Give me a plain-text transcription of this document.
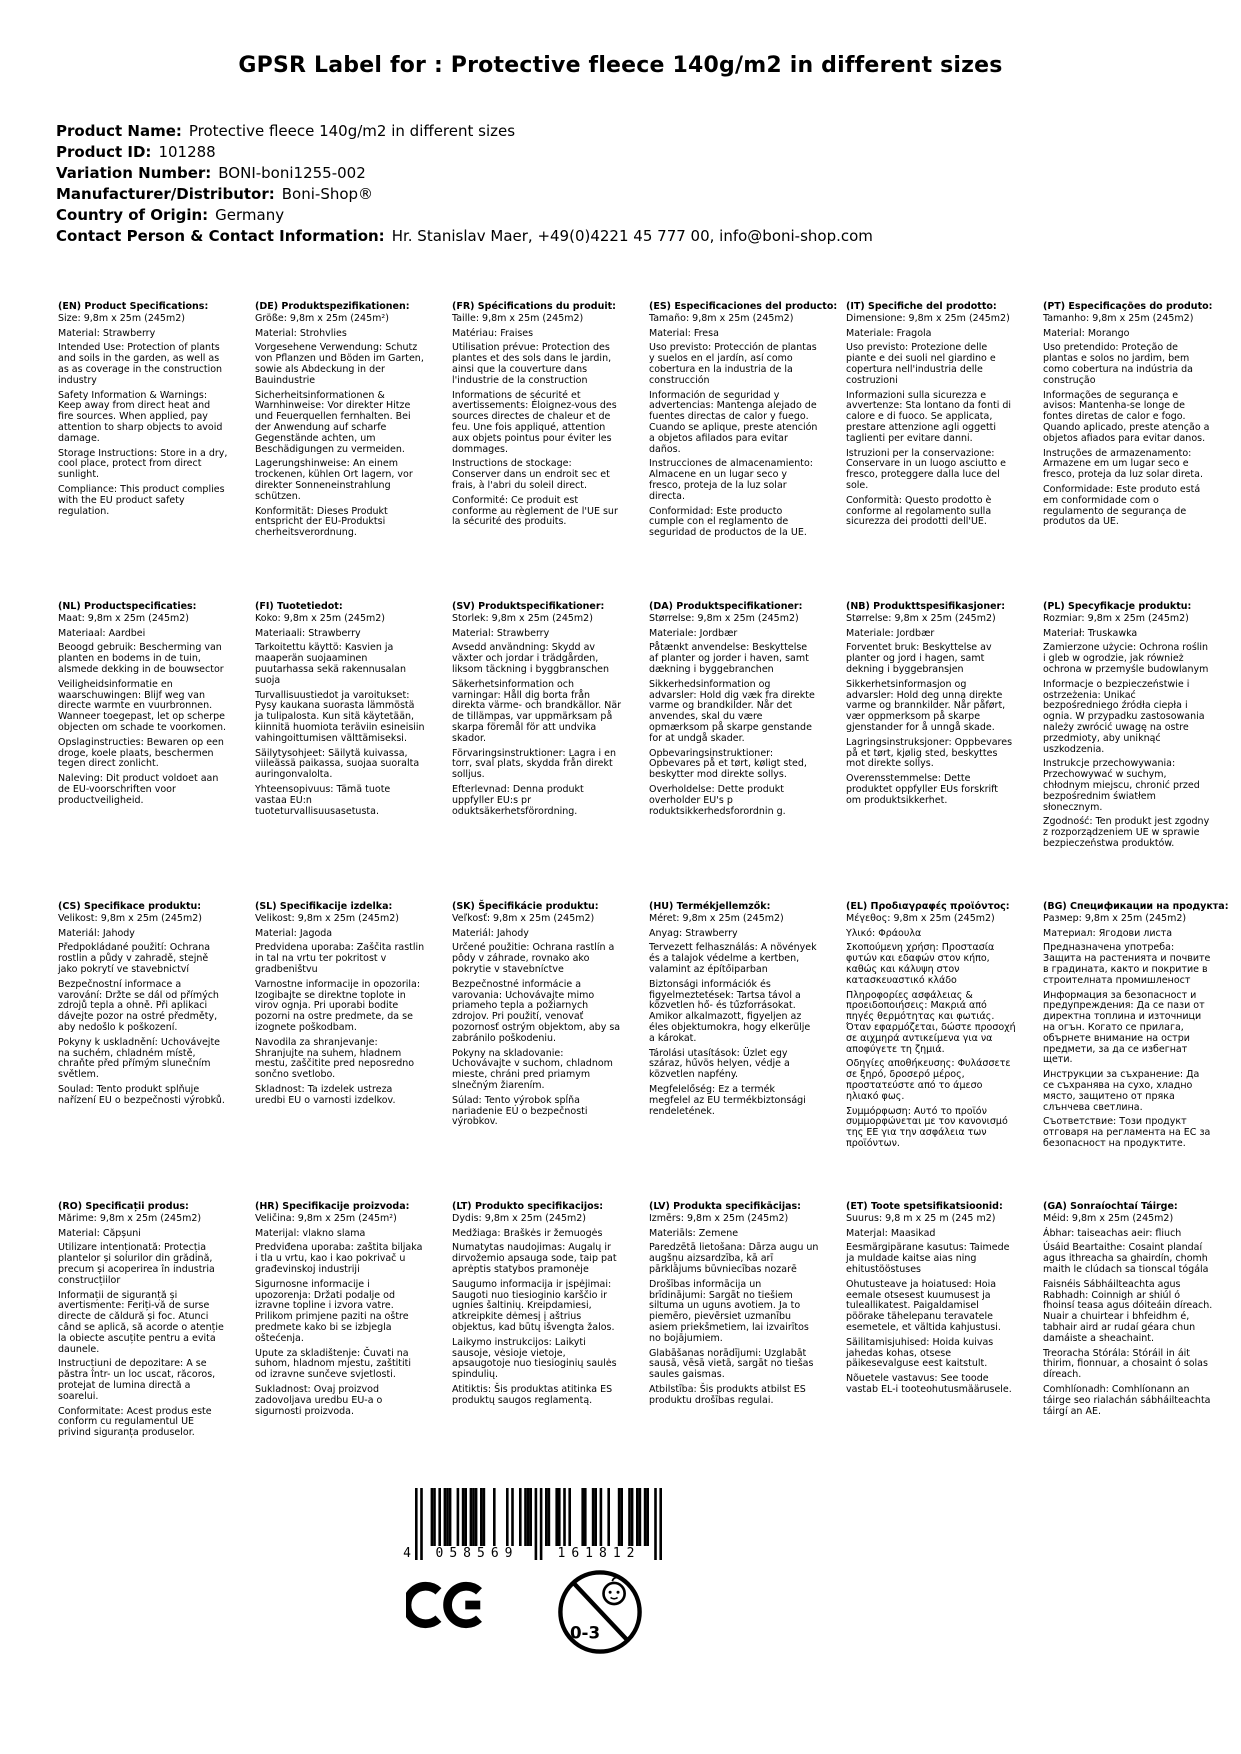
GPSR Label for : Protective fleece 140g/m2 in different sizes
Product Name: Protective fleece 140g/m2 in different sizes
Product ID: 101288
Variation Number: BONI-boni1255-002
Manufacturer/Distributor: Boni-Shop®
Country of Origin: Germany
Contact Person & Contact Information: Hr. Stanislav Maer, +49(0)4221 45 777 00, info@boni-shop.com
(EN) Product Specifications:

Size: 9,8m x 25m (245m2)

Material: Strawberry

Intended Use: Protection of plants and soils in the garden, as well as as as coverage in the construction industry

Safety Information & Warnings: Keep away from direct heat and fire sources. When applied, pay attention to sharp objects to avoid damage.

Storage Instructions: Store in a dry, cool place, protect from direct sunlight.

Compliance: This product complies with the EU product safety regulation.

(DE) Produktspezifikationen:

Größe: 9,8m x 25m (245m²)

Material: Strohvlies

Vorgesehene Verwendung: Schutz von Pflanzen und Böden im Garten, sowie als Abdeckung in der Bauindustrie

Sicherheitsinformationen & Warnhinweise: Vor direkter Hitze und Feuerquellen fernhalten. Bei der Anwendung auf scharfe Gegenstände achten, um Beschädigungen zu vermeiden.

Lagerungshinweise: An einem trockenen, kühlen Ort lagern, vor direkter Sonneneinstrahlung schützen.

Konformität: Dieses Produkt entspricht der EU-Produktsi cherheitsverordnung.

(FR) Spécifications du produit:

Taille: 9,8m x 25m (245m2)

Matériau: Fraises

Utilisation prévue: Protection des plantes et des sols dans le jardin, ainsi que la couverture dans l'industrie de la construction

Informations de sécurité et avertissements: Éloignez-vous des sources directes de chaleur et de feu. Une fois appliqué, attention aux objets pointus pour éviter les dommages.

Instructions de stockage: Conserver dans un endroit sec et frais, à l'abri du soleil direct.

Conformité: Ce produit est conforme au règlement de l'UE sur la sécurité des produits.

(ES) Especificaciones del producto:

Tamaño: 9,8m x 25m (245m2)

Material: Fresa

Uso previsto: Protección de plantas y suelos en el jardín, así como cobertura en la industria de la construcción

Información de seguridad y advertencias: Mantenga alejado de fuentes directas de calor y fuego. Cuando se aplique, preste atención a objetos afilados para evitar daños.

Instrucciones de almacenamiento: Almacene en un lugar seco y fresco, proteja de la luz solar directa.

Conformidad: Este producto cumple con el reglamento de seguridad de productos de la UE.

(IT) Specifiche del prodotto:

Dimensione: 9,8m x 25m (245m2)

Materiale: Fragola

Uso previsto: Protezione delle piante e dei suoli nel giardino e copertura nell'industria delle costruzioni

Informazioni sulla sicurezza e avvertenze: Sta lontano da fonti di calore e di fuoco. Se applicata, prestare attenzione agli oggetti taglienti per evitare danni.

Istruzioni per la conservazione: Conservare in un luogo asciutto e fresco, proteggere dalla luce del sole.

Conformità: Questo prodotto è conforme al regolamento sulla sicurezza dei prodotti dell'UE.

(PT) Especificações do produto:

Tamanho: 9,8m x 25m (245m2)

Material: Morango

Uso pretendido: Proteção de plantas e solos no jardim, bem como cobertura na indústria da construção

Informações de segurança e avisos: Mantenha-se longe de fontes diretas de calor e fogo. Quando aplicado, preste atenção a objetos afiados para evitar danos.

Instruções de armazenamento: Armazene em um lugar seco e fresco, proteja da luz solar direta.

Conformidade: Este produto está em conformidade com o regulamento de segurança de produtos da UE.

(NL) Productspecificaties:

Maat: 9,8m x 25m (245m2)

Materiaal: Aardbei

Beoogd gebruik: Bescherming van planten en bodems in de tuin, alsmede dekking in de bouwsector

Veiligheidsinformatie en waarschuwingen: Blijf weg van directe warmte en vuurbronnen. Wanneer toegepast, let op scherpe objecten om schade te voorkomen.

Opslaginstructies: Bewaren op een droge, koele plaats, beschermen tegen direct zonlicht.

Naleving: Dit product voldoet aan de EU-voorschriften voor productveiligheid.

(FI) Tuotetiedot:

Koko: 9,8m x 25m (245m2)

Materiaali: Strawberry

Tarkoitettu käyttö: Kasvien ja maaperän suojaaminen puutarhassa sekä rakennusalan suoja

Turvallisuustiedot ja varoitukset: Pysy kaukana suorasta lämmöstä ja tulipalosta. Kun sitä käytetään, kiinnitä huomiota teräviin esineisiin vahingoittumisen välttämiseksi.

Säilytysohjeet: Säilytä kuivassa, viileässä paikassa, suojaa suoralta auringonvalolta.

Yhteensopivuus: Tämä tuote vastaa EU:n tuoteturvallisuusasetusta.

(SV) Produktspecifikationer:

Storlek: 9,8m x 25m (245m2)

Material: Strawberry

Avsedd användning: Skydd av växter och jordar i trädgården, liksom täckning i byggbranschen

Säkerhetsinformation och varningar: Håll dig borta från direkta värme- och brandkällor. När de tillämpas, var uppmärksam på skarpa föremål för att undvika skador.

Förvaringsinstruktioner: Lagra i en torr, sval plats, skydda från direkt solljus.

Efterlevnad: Denna produkt uppfyller EU:s pr oduktsäkerhetsförordning.

(DA) Produktspecifikationer:

Størrelse: 9,8m x 25m (245m2)

Materiale: Jordbær

Påtænkt anvendelse: Beskyttelse af planter og jorder i haven, samt dækning i byggebranchen

Sikkerhedsinformation og advarsler: Hold dig væk fra direkte varme og brandkilder. Når det anvendes, skal du være opmærksom på skarpe genstande for at undgå skader.

Opbevaringsinstruktioner: Opbevares på et tørt, køligt sted, beskytter mod direkte sollys.

Overholdelse: Dette produkt overholder EU's p roduktsikkerhedsforordnin g.

(NB) Produkttspesifikasjoner:

Størrelse: 9,8m x 25m (245m2)

Materiale: Jordbær

Forventet bruk: Beskyttelse av planter og jord i hagen, samt dekning i byggebransjen

Sikkerhetsinformasjon og advarsler: Hold deg unna direkte varme og brannkilder. Når påført, vær oppmerksom på skarpe gjenstander for å unngå skade.

Lagringsinstruksjoner: Oppbevares på et tørt, kjølig sted, beskyttes mot direkte sollys.

Overensstemmelse: Dette produktet oppfyller EUs forskrift om produktsikkerhet.

(PL) Specyfikacje produktu:

Rozmiar: 9,8m x 25m (245m2)

Materiał: Truskawka

Zamierzone użycie: Ochrona roślin i gleb w ogrodzie, jak również ochrona w przemyśle budowlanym

Informacje o bezpieczeństwie i ostrzeżenia: Unikać bezpośredniego źródła ciepła i ognia. W przypadku zastosowania należy zwrócić uwagę na ostre przedmioty, aby uniknąć uszkodzenia.

Instrukcje przechowywania: Przechowywać w suchym, chłodnym miejscu, chronić przed bezpośrednim światłem słonecznym.

Zgodność: Ten produkt jest zgodny z rozporządzeniem UE w sprawie bezpieczeństwa produktów.

(CS) Specifikace produktu:

Velikost: 9,8m x 25m (245m2)

Materiál: Jahody

Předpokládané použití: Ochrana rostlin a půdy v zahradě, stejně jako pokrytí ve stavebnictví

Bezpečnostní informace a varování: Držte se dál od přímých zdrojů tepla a ohně. Při aplikaci dávejte pozor na ostré předměty, aby nedošlo k poškození.

Pokyny k uskladnění: Uchovávejte na suchém, chladném místě, chraňte před přímým slunečním světlem.

Soulad: Tento produkt splňuje nařízení EU o bezpečnosti výrobků.

(SL) Specifikacije izdelka:

Velikost: 9,8m x 25m (245m2)

Material: Jagoda

Predvidena uporaba: Zaščita rastlin in tal na vrtu ter pokritost v gradbeništvu

Varnostne informacije in opozorila: Izogibajte se direktne toplote in virov ognja. Pri uporabi bodite pozorni na ostre predmete, da se izognete poškodbam.

Navodila za shranjevanje: Shranjujte na suhem, hladnem mestu, zaščitite pred neposredno sončno svetlobo.

Skladnost: Ta izdelek ustreza uredbi EU o varnosti izdelkov.

(SK) Špecifikácie produktu:

Veľkosť: 9,8m x 25m (245m2)

Materiál: Jahody

Určené použitie: Ochrana rastlín a pôdy v záhrade, rovnako ako pokrytie v stavebníctve

Bezpečnostné informácie a varovania: Uchovávajte mimo priameho tepla a požiarnych zdrojov. Pri použití, venovať pozornosť ostrým objektom, aby sa zabránilo poškodeniu.

Pokyny na skladovanie: Uchovávajte v suchom, chladnom mieste, chráni pred priamym slnečným žiarením.

Súlad: Tento výrobok spĺňa nariadenie EÚ o bezpečnosti výrobkov.

(HU) Termékjellemzők:

Méret: 9,8m x 25m (245m2)

Anyag: Strawberry

Tervezett felhasználás: A növények és a talajok védelme a kertben, valamint az építőiparban

Biztonsági információk és figyelmeztetések: Tartsa távol a közvetlen hő- és tűzforrásokat. Amikor alkalmazott, figyeljen az éles objektumokra, hogy elkerülje a károkat.

Tárolási utasítások: Üzlet egy száraz, hűvös helyen, védje a közvetlen napfény.

Megfelelőség: Ez a termék megfelel az EU termékbiztonsági rendeletének.

(EL) Προδιαγραφές προϊόντος:

Μέγεθος: 9,8m x 25m (245m2)

Υλικό: Φράουλα

Σκοπούμενη χρήση: Προστασία φυτών και εδαφών στον κήπο, καθώς και κάλυψη στον κατασκευαστικό κλάδο

Πληροφορίες ασφάλειας & προειδοποιήσεις: Μακριά από πηγές θερμότητας και φωτιάς. Όταν εφαρμόζεται, δώστε προσοχή σε αιχμηρά αντικείμενα για να αποφύγετε τη ζημιά.

Οδηγίες αποθήκευσης: Φυλάσσετε σε ξηρό, δροσερό μέρος, προστατεύστε από το άμεσο ηλιακό φως.

Συμμόρφωση: Αυτό το προϊόν συμμορφώνεται με τον κανονισμό της ΕΕ για την ασφάλεια των προϊόντων.

(BG) Спецификации на продукта:

Размер: 9,8m x 25m (245m2)

Материал: Ягодови листа

Предназначена употреба: Защита на растенията и почвите в градината, както и покритие в строителната промишленост

Информация за безопасност и предупреждения: Да се пази от директна топлина и източници на огън. Когато се прилага, обърнете внимание на остри предмети, за да се избегнат щети.

Инструкции за съхранение: Да се съхранява на сухо, хладно място, защитено от пряка слънчева светлина.

Съответствие: Този продукт отговаря на регламента на ЕС за безопасност на продуктите.

(RO) Specificații produs:

Mărime: 9,8m x 25m (245m2)

Material: Căpșuni

Utilizare intenționată: Protecția plantelor și solurilor din grădină, precum și acoperirea în industria construcțiilor

Informații de siguranță și avertismente: Feriți-vă de surse directe de căldură și foc. Atunci când se aplică, să acorde o atenție la obiecte ascuțite pentru a evita daunele.

Instrucțiuni de depozitare: A se păstra într- un loc uscat, răcoros, protejat de lumina directă a soarelui.

Conformitate: Acest produs este conform cu regulamentul UE privind siguranța produselor.

(HR) Specifikacije proizvoda:

Veličina: 9,8m x 25m (245m²)

Materijal: vlakno slama

Predviđena uporaba: zaštita biljaka i tla u vrtu, kao i kao pokrivač u građevinskoj industriji

Sigurnosne informacije i upozorenja: Držati podalje od izravne topline i izvora vatre. Prilikom primjene paziti na oštre predmete kako bi se izbjegla oštećenja.

Upute za skladištenje: Čuvati na suhom, hladnom mjestu, zaštititi od izravne sunčeve svjetlosti.

Sukladnost: Ovaj proizvod zadovoljava uredbu EU-a o sigurnosti proizvoda.

(LT) Produkto specifikacijos:

Dydis: 9,8m x 25m (245m2)

Medžiaga: Braškės ir žemuogės

Numatytas naudojimas: Augalų ir dirvožemio apsauga sode, taip pat aprėptis statybos pramonėje

Saugumo informacija ir įspėjimai: Saugoti nuo tiesioginio karščio ir ugnies šaltinių. Kreipdamiesi, atkreipkite dėmesį į aštrius objektus, kad būtų išvengta žalos.

Laikymo instrukcijos: Laikyti sausoje, vėsioje vietoje, apsaugotoje nuo tiesioginių saulės spindulių.

Atitiktis: Šis produktas atitinka ES produktų saugos reglamentą.

(LV) Produkta specifikācijas:

Izmērs: 9,8m x 25m (245m2)

Materiāls: Zemene

Paredzētā lietošana: Dārza augu un augšņu aizsardzība, kā arī pārklājums būvniecības nozarē

Drošības informācija un brīdinājumi: Sargāt no tiešiem siltuma un uguns avotiem. Ja to piemēro, pievērsiet uzmanību asiem priekšmetiem, lai izvairītos no bojājumiem.

Glabāšanas norādījumi: Uzglabāt sausā, vēsā vietā, sargāt no tiešas saules gaismas.

Atbilstība: Šis produkts atbilst ES produktu drošības regulai.

(ET) Toote spetsifikatsioonid:

Suurus: 9,8 m x 25 m (245 m2)

Materjal: Maasikad

Eesmärgipärane kasutus: Taimede ja muldade kaitse aias ning ehitustööstuses

Ohutusteave ja hoiatused: Hoia eemale otsesest kuumusest ja tuleallikatest. Paigaldamisel pöörake tähelepanu teravatele esemetele, et vältida kahjustusi.

Säilitamisjuhised: Hoida kuivas jahedas kohas, otsese päikesevalguse eest kaitstult.

Nõuetele vastavus: See toode vastab EL-i tooteohutusmäärusele.

(GA) Sonraíochtaí Táirge:

Méid: 9,8m x 25m (245m2)

Ábhar: taiseachas aeir: fliuch

Úsáid Beartaithe: Cosaint plandaí agus ithreacha sa ghairdín, chomh maith le clúdach sa tionscal tógála

Faisnéis Sábháilteachta agus Rabhadh: Coinnigh ar shiúl ó fhoinsí teasa agus dóiteáin díreach. Nuair a chuirtear i bhfeidhm é, tabhair aird ar rudaí géara chun damáiste a sheachaint.

Treoracha Stórála: Stóráil in áit thirim, fionnuar, a chosaint ó solas díreach.

Comhlíonadh: Comhlíonann an táirge seo rialachán sábháilteachta táirgí an AE.

4	058569	161812
0-3
